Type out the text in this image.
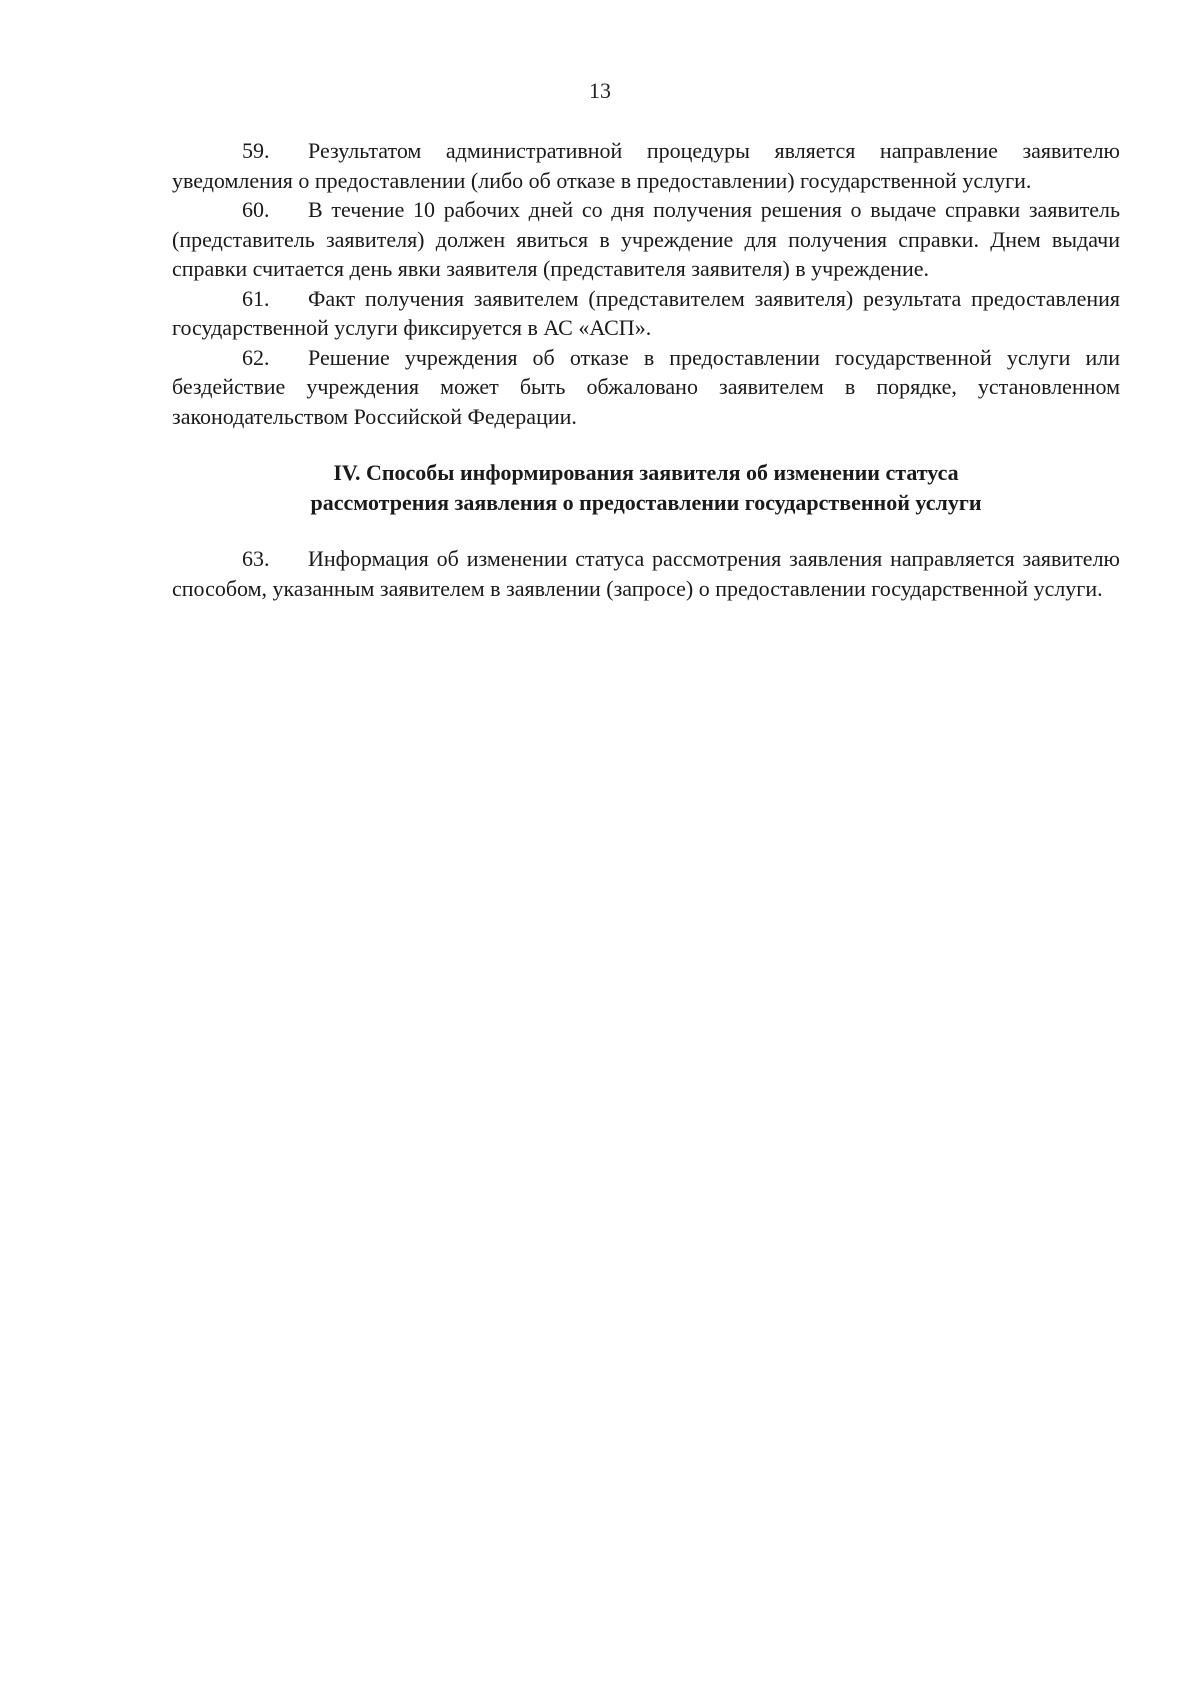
13

59. Результатом административной процедуры является направление заявителю уведомления о предоставлении (либо об отказе в предоставлении) государственной услуги.

60. В течение 10 рабочих дней со дня получения решения о выдаче справки заявитель (представитель заявителя) должен явиться в учреждение для получения справки. Днем выдачи справки считается день явки заявителя (представителя заявителя) в учреждение.

61. Факт получения заявителем (представителем заявителя) результата предоставления государственной услуги фиксируется в АС «АСП».

62. Решение учреждения об отказе в предоставлении государственной услуги или бездействие учреждения может быть обжаловано заявителем в порядке, установленном законодательством Российской Федерации.

IV. Способы информирования заявителя об изменении статуса
рассмотрения заявления о предоставлении государственной услуги

63. Информация об изменении статуса рассмотрения заявления направляется заявителю способом, указанным заявителем в заявлении (запросе) о предоставлении государственной услуги.
